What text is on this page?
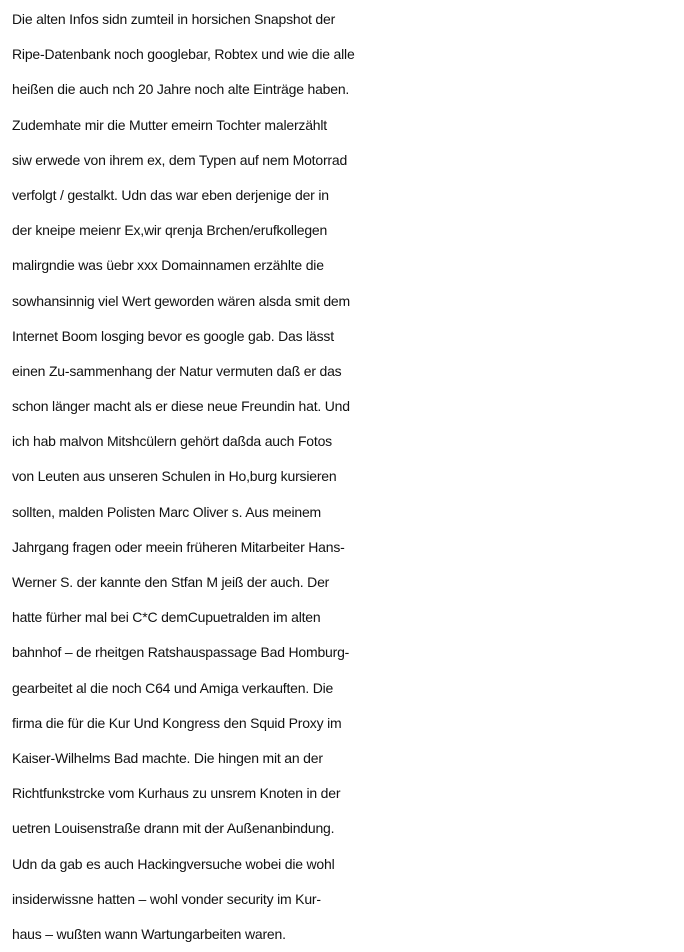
Die alten Infos sidn zumteil in horsichen Snapshot der
Ripe-Datenbank noch googlebar, Robtex und wie die alle
heißen die auch nch 20 Jahre noch alte Einträge haben.
Zudemhate mir die Mutter emeirn Tochter malerzählt
siw erwede von ihrem ex, dem Typen auf nem Motorrad
verfolgt / gestalkt. Udn das war eben derjenige der in
der kneipe meienr Ex,wir qrenja Brchen/erufkollegen
malirgndie was üebr xxx Domainnamen erzählte die
sowhansinnig viel Wert geworden wären alsda smit dem
Internet Boom losging bevor es google gab. Das lässt
einen Zu-sammenhang der Natur vermuten daß er das
schon länger macht als er diese neue Freundin hat. Und
ich hab malvon Mitshcülern gehört daßda auch Fotos
von Leuten aus unseren Schulen in Ho,burg kursieren
sollten, malden Polisten Marc Oliver s. Aus meinem
Jahrgang fragen oder meein früheren Mitarbeiter Hans-
Werner S. der kannte den Stfan M jeiß der auch. Der
hatte fürher mal bei C*C demCupuetralden im alten
bahnhof – de rheitgen Ratshauspassage Bad Homburg-
gearbeitet al die noch C64 und Amiga verkauften. Die
firma die für die Kur Und Kongress den Squid Proxy im
Kaiser-Wilhelms Bad machte. Die hingen mit an der
Richtfunkstrcke vom Kurhaus zu unsrem Knoten in der
uetren Louisenstraße drann mit der Außenanbindung.
Udn da gab es auch Hackingversuche wobei die wohl
insiderwissne hatten – wohl vonder security im Kur-
haus – wußten wann Wartungarbeiten waren.
